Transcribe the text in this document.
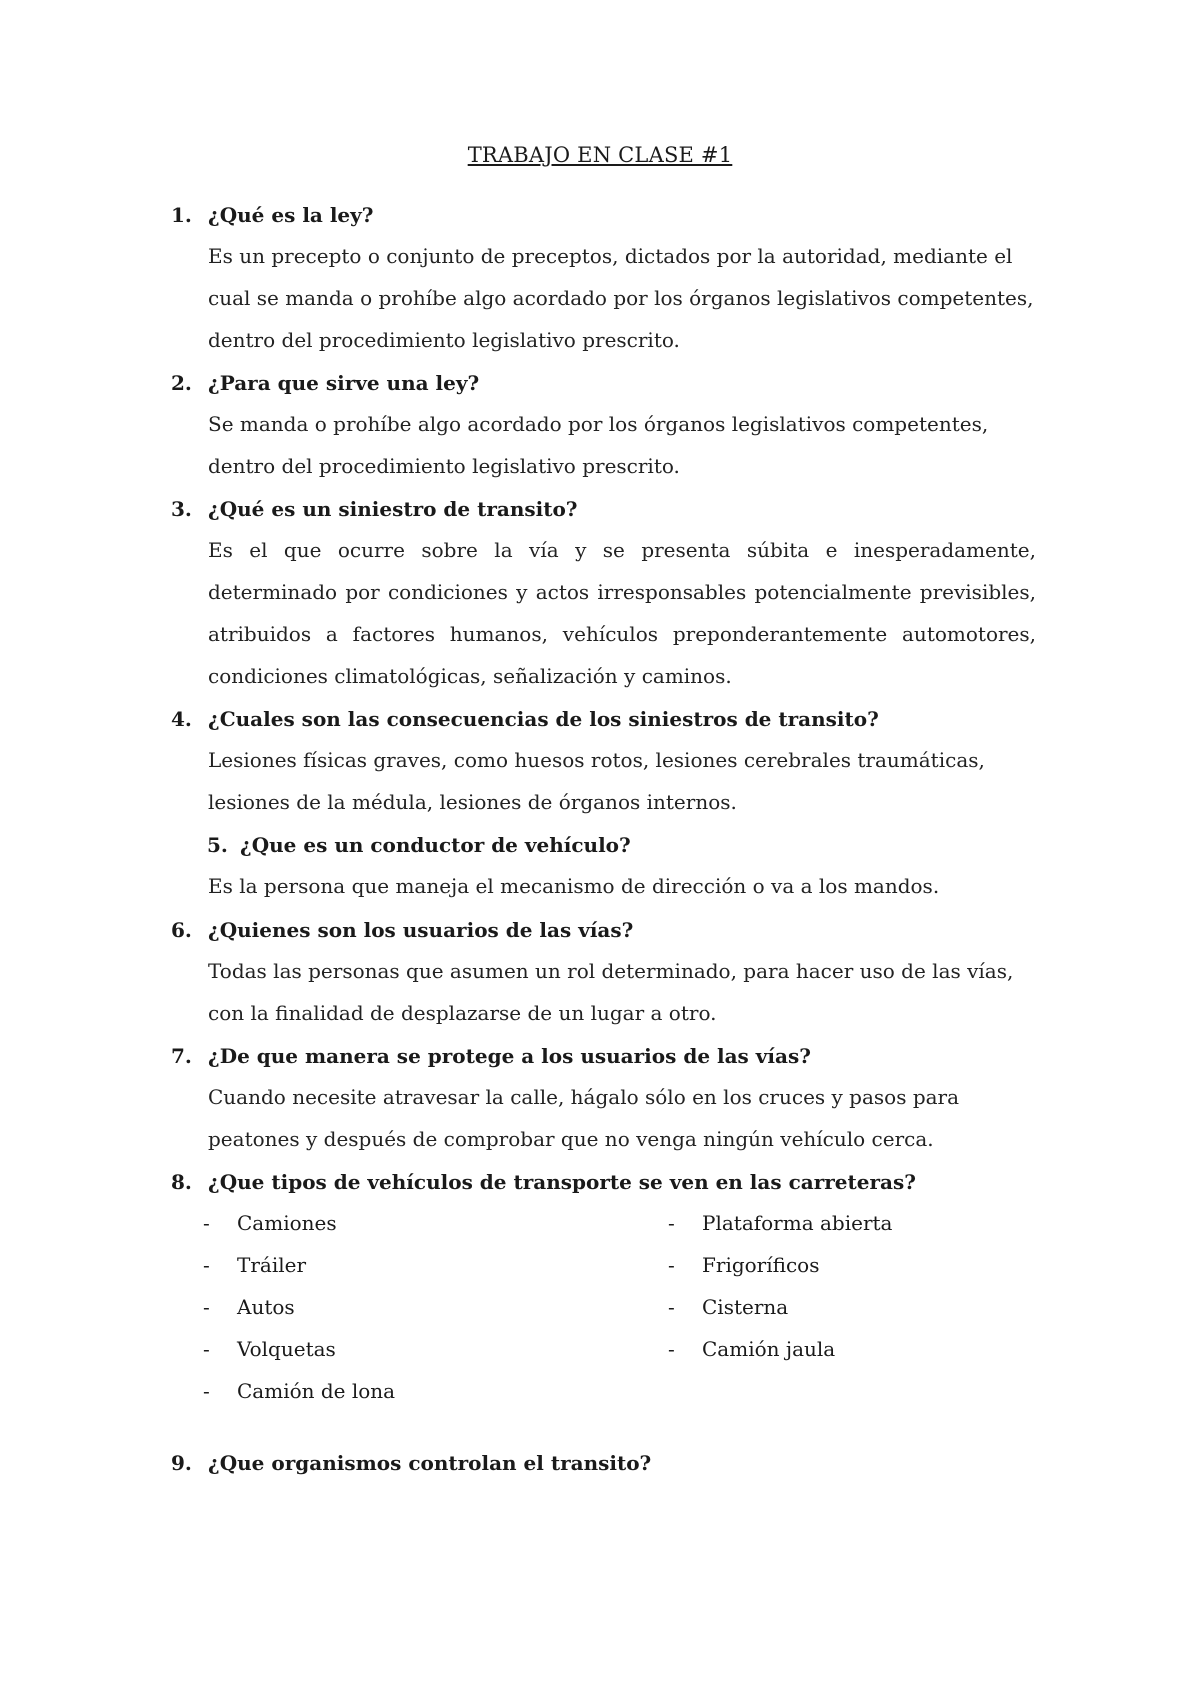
TRABAJO EN CLASE #1
1. ¿Qué es la ley?
Es un precepto o conjunto de preceptos, dictados por la autoridad, mediante el cual se manda o prohíbe algo acordado por los órganos legislativos competentes, dentro del procedimiento legislativo prescrito.
2. ¿Para que sirve una ley?
Se manda o prohíbe algo acordado por los órganos legislativos competentes, dentro del procedimiento legislativo prescrito.
3. ¿Qué es un siniestro de transito?
Es el que ocurre sobre la vía y se presenta súbita e inesperadamente, determinado por condiciones y actos irresponsables potencialmente previsibles, atribuidos a factores humanos, vehículos preponderantemente automotores, condiciones climatológicas, señalización y caminos.
4. ¿Cuales son las consecuencias de los siniestros de transito?
Lesiones físicas graves, como huesos rotos, lesiones cerebrales traumáticas, lesiones de la médula, lesiones de órganos internos.
5. ¿Que es un conductor de vehículo?
Es la persona que maneja el mecanismo de dirección o va a los mandos.
6. ¿Quienes son los usuarios de las vías?
Todas las personas que asumen un rol determinado, para hacer uso de las vías, con la finalidad de desplazarse de un lugar a otro.
7. ¿De que manera se protege a los usuarios de las vías?
Cuando necesite atravesar la calle, hágalo sólo en los cruces y pasos para peatones y después de comprobar que no venga ningún vehículo cerca.
8. ¿Que tipos de vehículos de transporte se ven en las carreteras?
- Camiones
- Tráiler
- Autos
- Volquetas
- Camión de lona
- Plataforma abierta
- Frigoríficos
- Cisterna
- Camión jaula
9. ¿Que organismos controlan el transito?
